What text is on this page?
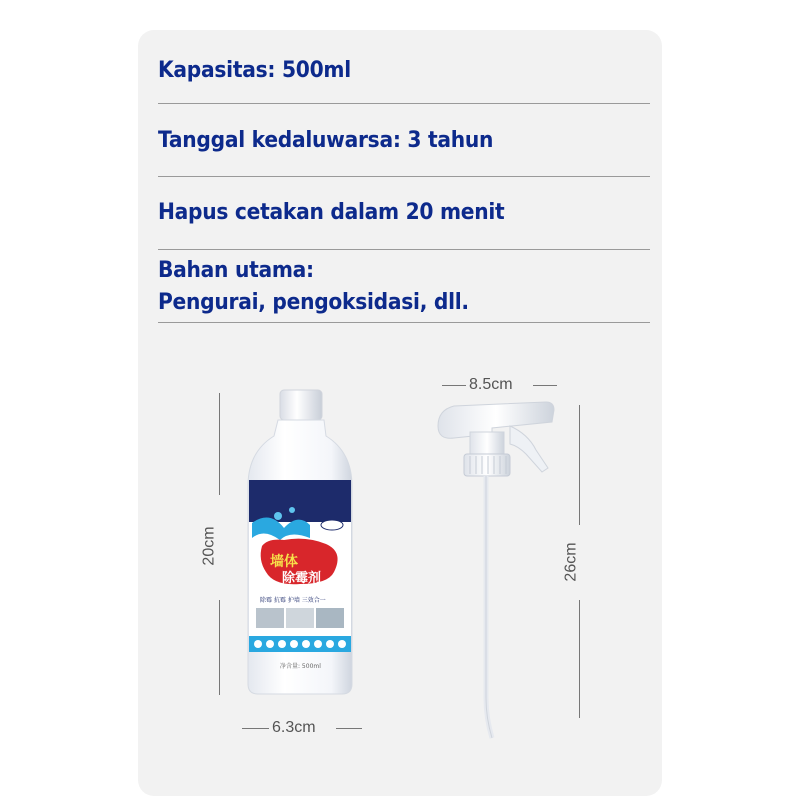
Kapasitas: 500ml

Tanggal kedaluwarsa: 3 tahun

Hapus cetakan dalam 20 menit

Bahan utama:

Pengurai, pengoksidasi, dll.

20cm
6.3cm
8.5cm
26cm
墙体
除霉剂
除霉 抗霉 护墙 三效合一
净含量: 500ml
